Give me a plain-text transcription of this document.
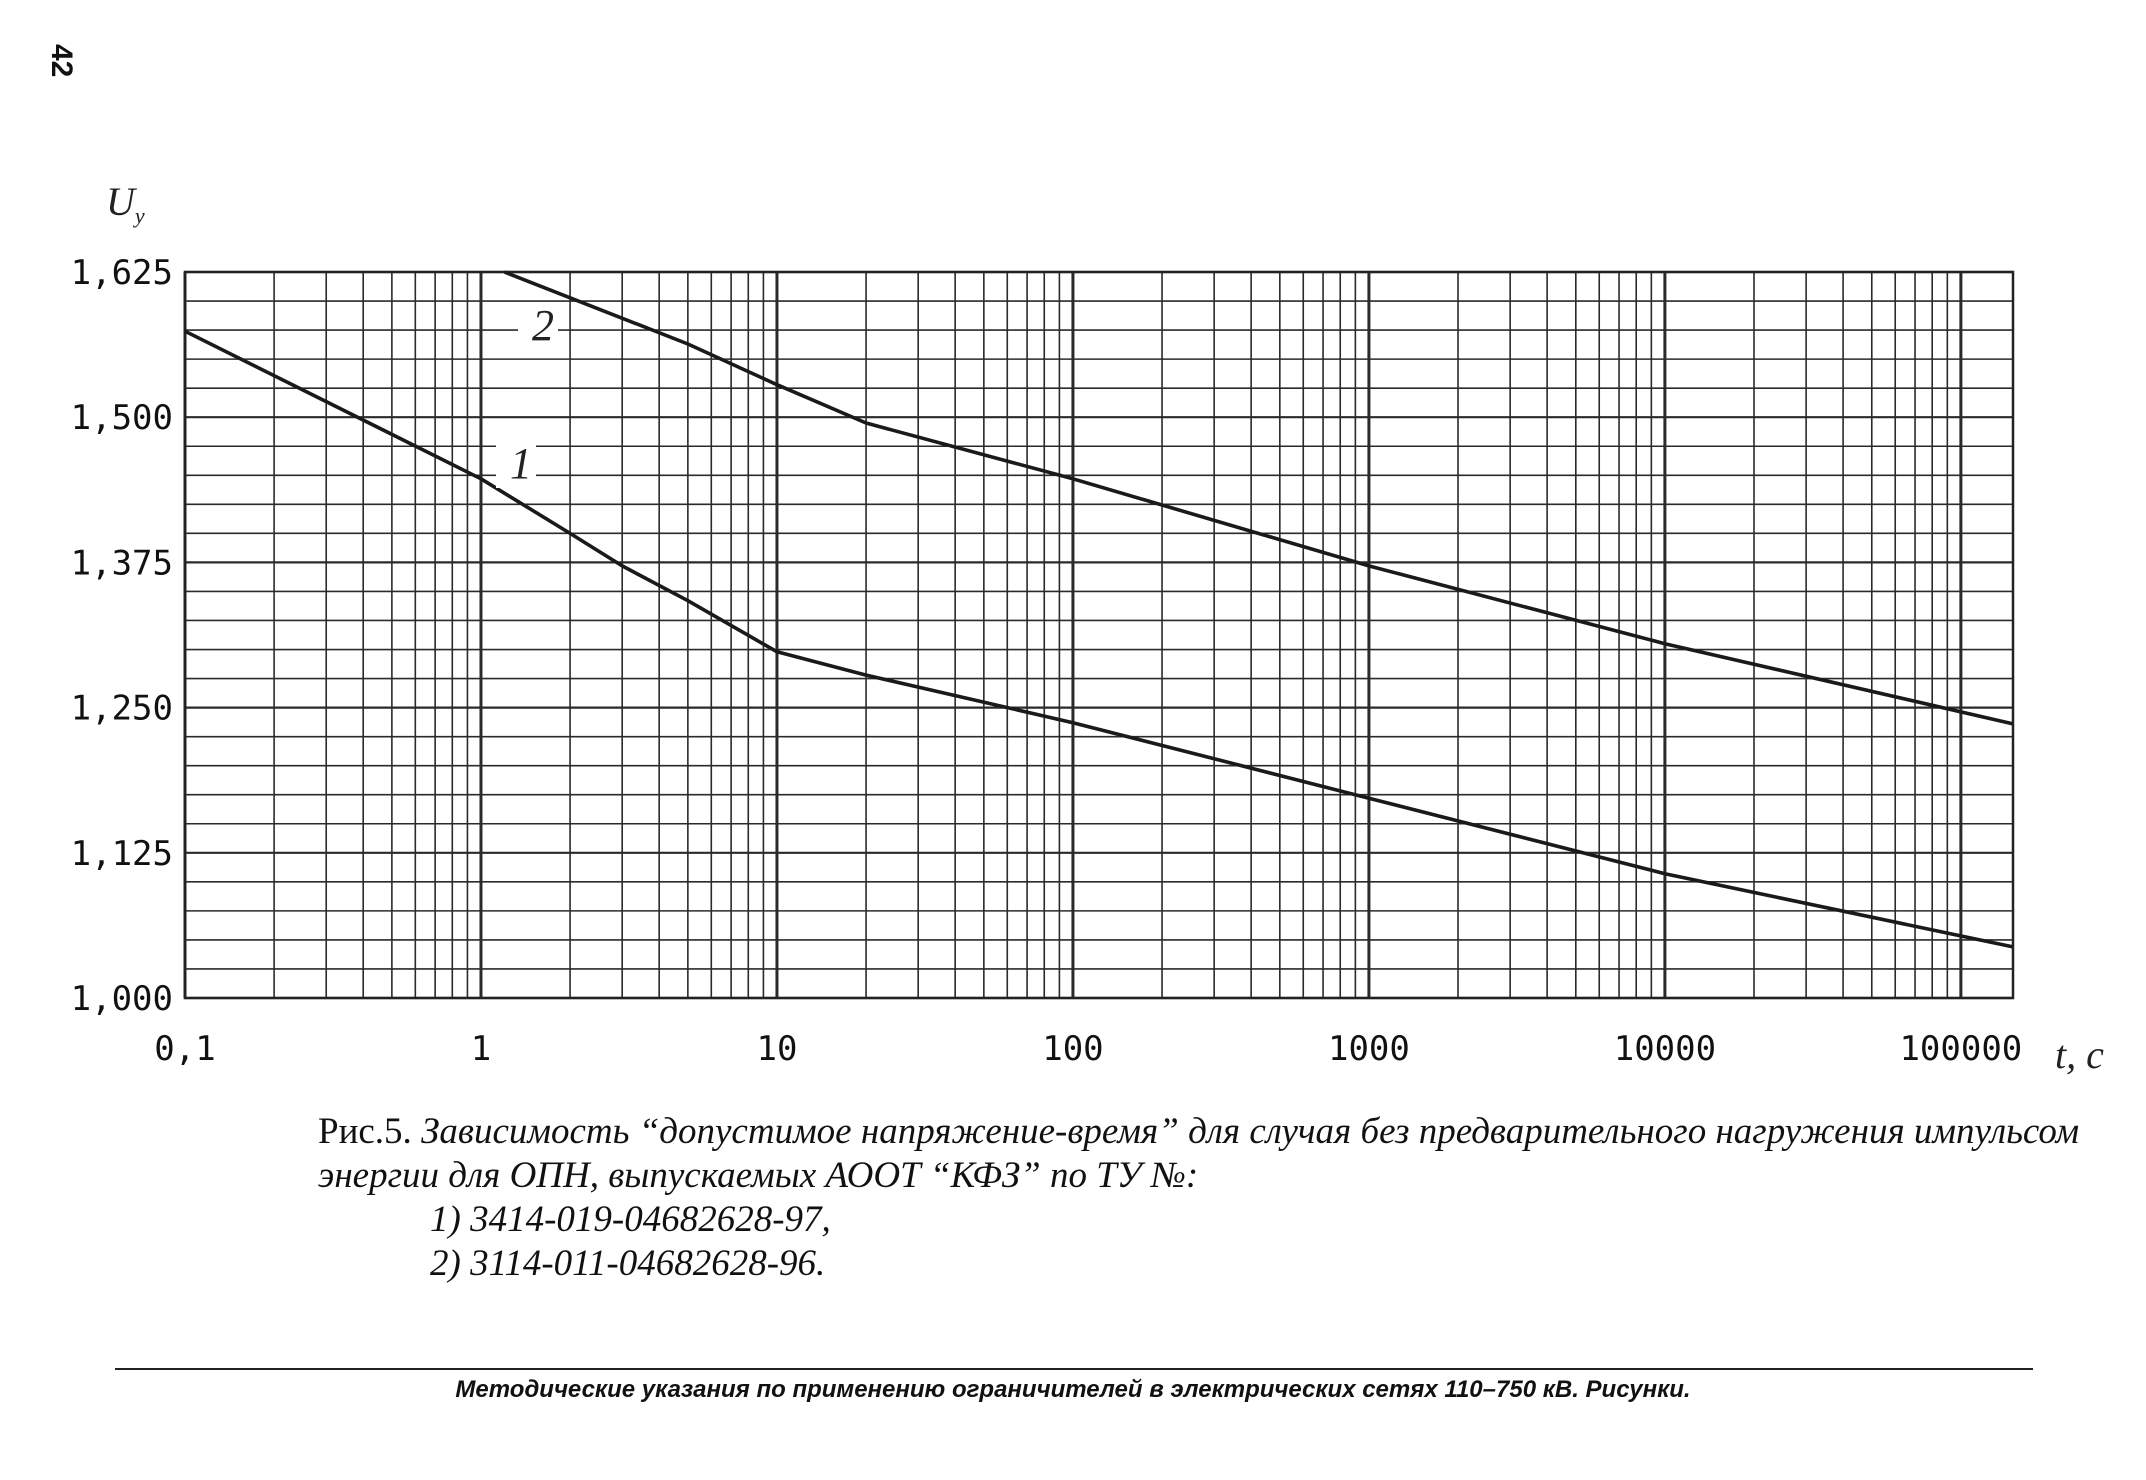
42
1,000
1,125
1,250
1,375
1,500
1,625
0,1	1	10	100	1000	10000	100000
1
2
$U_у$
t, с
Рис.5. Зависимость “допустимое напряжение-время” для случая без предварительного нагружения импульсом энергии для ОПН, выпускаемых АООТ “КФЗ” по ТУ №:
1) 3414-019-04682628-97,
2) 3114-011-04682628-96.
Методические указания по применению ограничителей в электрических сетях 110–750 кВ. Рисунки.
